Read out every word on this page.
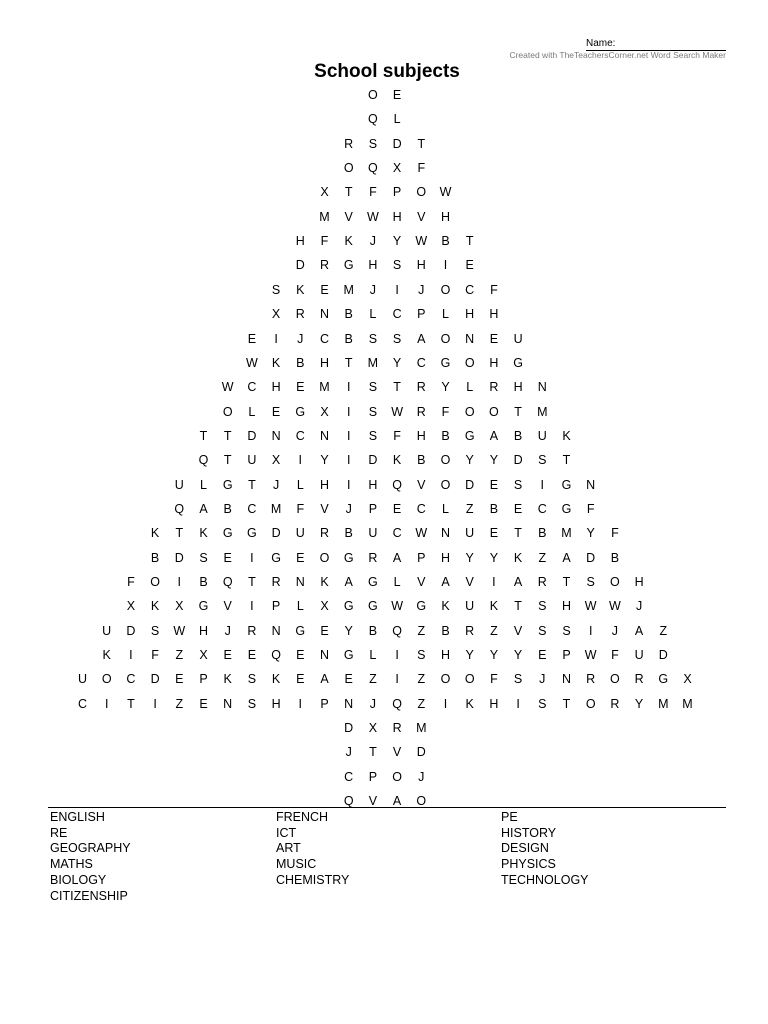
Name:
Created with TheTeachersCorner.net Word Search Maker
School subjects
O	E
Q	L
R	S	D	T
O Q	X	F
X	T	F	P	O W
M	V	W H	V	H
H	F	K	J	Y	W	B	T
D R G H	S	H	I	E
S	K	E	M	J	I	J	O C	F
X	R N	B	L	C	P	L	H H
E	I	J	C	B	S	S	A	O N	E	U
W	K	B	H	T	M	Y	C G O H G
W C H	E	M	I	S	T	R	Y	L	R H N
O	L	E	G	X	I	S	W R	F	O O	T	M
T	T	D N C N	I	S	F	H	B	G	A	B	U	K
Q	T	U	X	I	Y	I	D	K	B	O	Y	Y	D	S	T
U	L	G	T	J	L	H	I	H Q	V	O D	E	S	I	G N
Q	A	B	C M	F	V	J	P	E	C	L	Z	B	E	C G	F
K	T	K	G G D U R	B	U C W N U	E	T	B	M	Y	F
B	D	S	E	I	G	E	O G R	A	P	H	Y	Y	K	Z	A	D	B
F	O	I	B	Q	T	R N	K	A	G	L	V	A	V	I	A	R	T	S	O H
X	K	X	G	V	I	P	L	X	G G W G	K	U	K	T	S	H W W	J
U D	S	W H	J	R N G	E	Y	B	Q	Z	B	R	Z	V	S	S	I	J	A	Z
K	I	F	Z	X	E	E	Q	E	N G	L	I	S	H	Y	Y	Y	E	P	W	F	U D
U O C D	E	P	K	S	K	E	A	E	Z	I	Z	O O	F	S	J	N R O R G	X
C	I	T	I	Z	E	N	S	H	I	P	N	J	Q	Z	I	K	H	I	S	T	O R	Y	M M
D	X	R M
J	T	V	D
C	P	O	J
Q	V	A	O
ENGLISH
RE
GEOGRAPHY
MATHS
BIOLOGY
CITIZENSHIP
FRENCH
ICT
ART
MUSIC
CHEMISTRY
PE
HISTORY
DESIGN
PHYSICS
TECHNOLOGY
